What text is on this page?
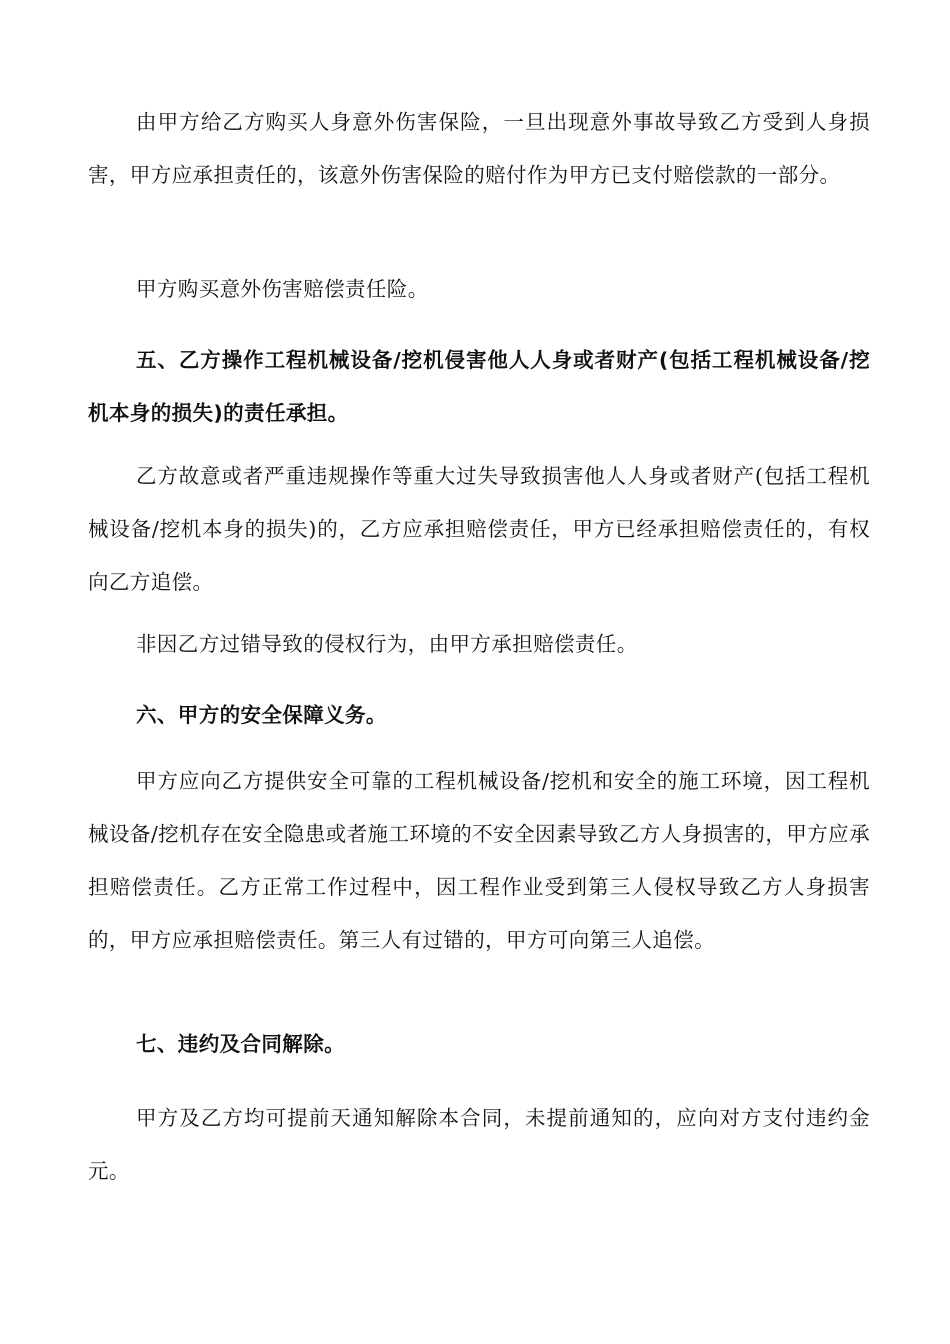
由甲方给乙方购买人身意外伤害保险，一旦出现意外事故导致乙方受到人身损害，甲方应承担责任的，该意外伤害保险的赔付作为甲方已支付赔偿款的一部分。

甲方购买意外伤害赔偿责任险。

五、乙方操作工程机械设备/挖机侵害他人人身或者财产(包括工程机械设备/挖机本身的损失)的责任承担。

乙方故意或者严重违规操作等重大过失导致损害他人人身或者财产(包括工程机械设备/挖机本身的损失)的，乙方应承担赔偿责任，甲方已经承担赔偿责任的，有权向乙方追偿。

非因乙方过错导致的侵权行为，由甲方承担赔偿责任。

六、甲方的安全保障义务。

甲方应向乙方提供安全可靠的工程机械设备/挖机和安全的施工环境，因工程机械设备/挖机存在安全隐患或者施工环境的不安全因素导致乙方人身损害的，甲方应承担赔偿责任。乙方正常工作过程中，因工程作业受到第三人侵权导致乙方人身损害的，甲方应承担赔偿责任。第三人有过错的，甲方可向第三人追偿。

七、违约及合同解除。

甲方及乙方均可提前天通知解除本合同，未提前通知的，应向对方支付违约金元。
